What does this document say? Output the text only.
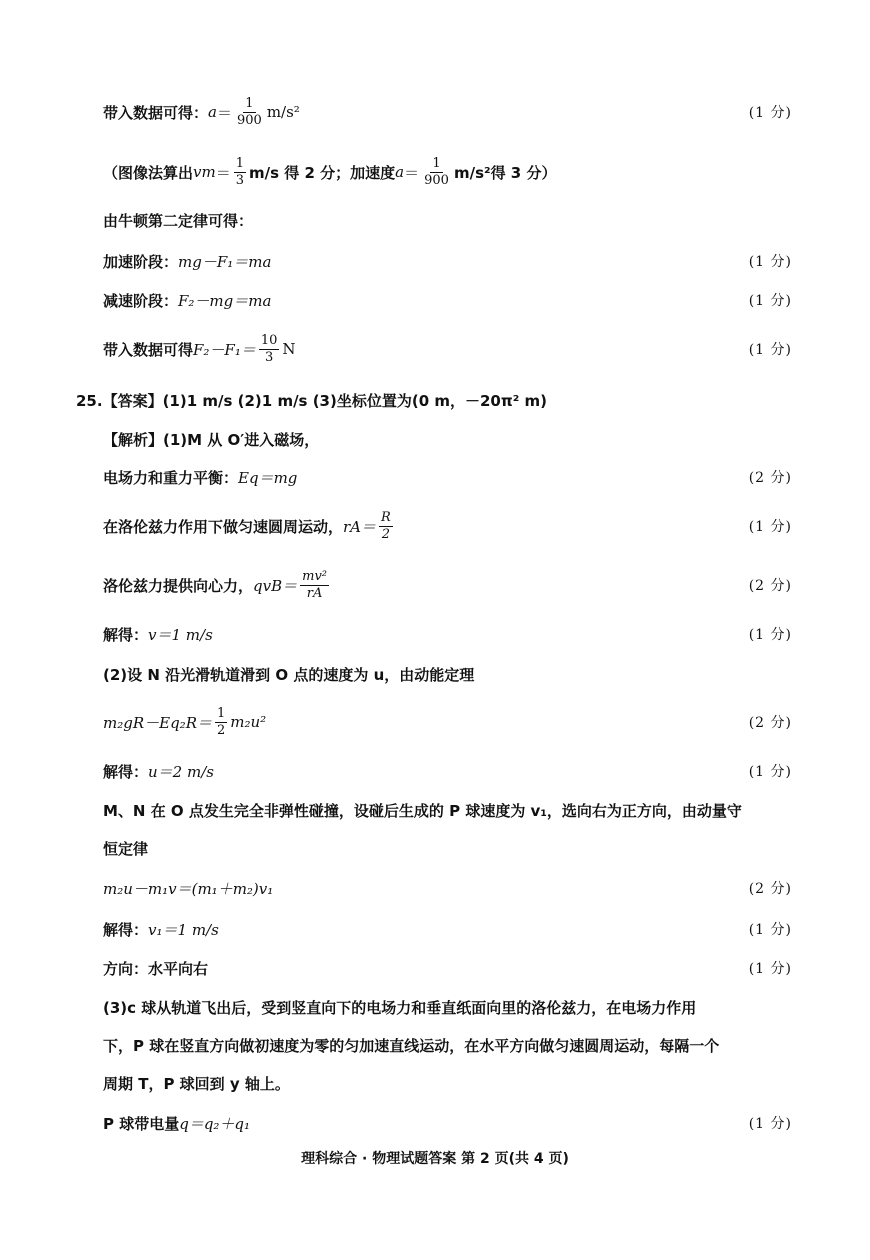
带入数据可得： $a = \frac{1}{900} m/s^2$	(1 分)
（图像法算出 vm ＝ $\frac{1}{3} m/s$ 得 2 分；加速度 $a = \frac{1}{900} m/s^2$得 3 分）
由牛顿第二定律可得：
加速阶段： mg－F₁＝ma	(1 分)
减速阶段： F₂－mg＝ma	(1 分)
带入数据可得 $F_2-F_1= \frac{10}{3}$ N	(1 分)
25.【答案】(1)1 m/s (2)1 m/s (3)坐标位置为(0 m，－20π² m)
【解析】(1)M 从 O′进入磁场，
电场力和重力平衡： Eq＝mg	(2 分)
在洛伦兹力作用下做匀速圆周运动， $rA= \frac{R}{2}$	(1 分)
洛伦兹力提供向心力， $qvB= \frac{\text{mv²}}{rA}$	(2 分)
解得： v＝1 m/s	(1 分)
(2)设 N 沿光滑轨道滑到 O 点的速度为 u，由动能定理
$m_2gR-Eq_2R= \frac{1}{2} m_2u^2$	(2 分)
解得： u＝2 m/s	(1 分)
M、N 在 O 点发生完全非弹性碰撞，设碰后生成的 P 球速度为 v₁，选向右为正方向，由动量守
恒定律
m₂u－m₁v＝(m₁＋m₂)v₁	(2 分)
解得： v₁＝1 m/s	(1 分)
方向：水平向右	(1 分)
(3)c 球从轨道飞出后，受到竖直向下的电场力和垂直纸面向里的洛伦兹力，在电场力作用
下，P 球在竖直方向做初速度为零的匀加速直线运动，在水平方向做匀速圆周运动，每隔一个
周期 T，P 球回到 y 轴上。
P 球带电量 q＝q₂＋q₁	(1 分)
理科综合 · 物理试题答案 第 2 页(共 4 页)
